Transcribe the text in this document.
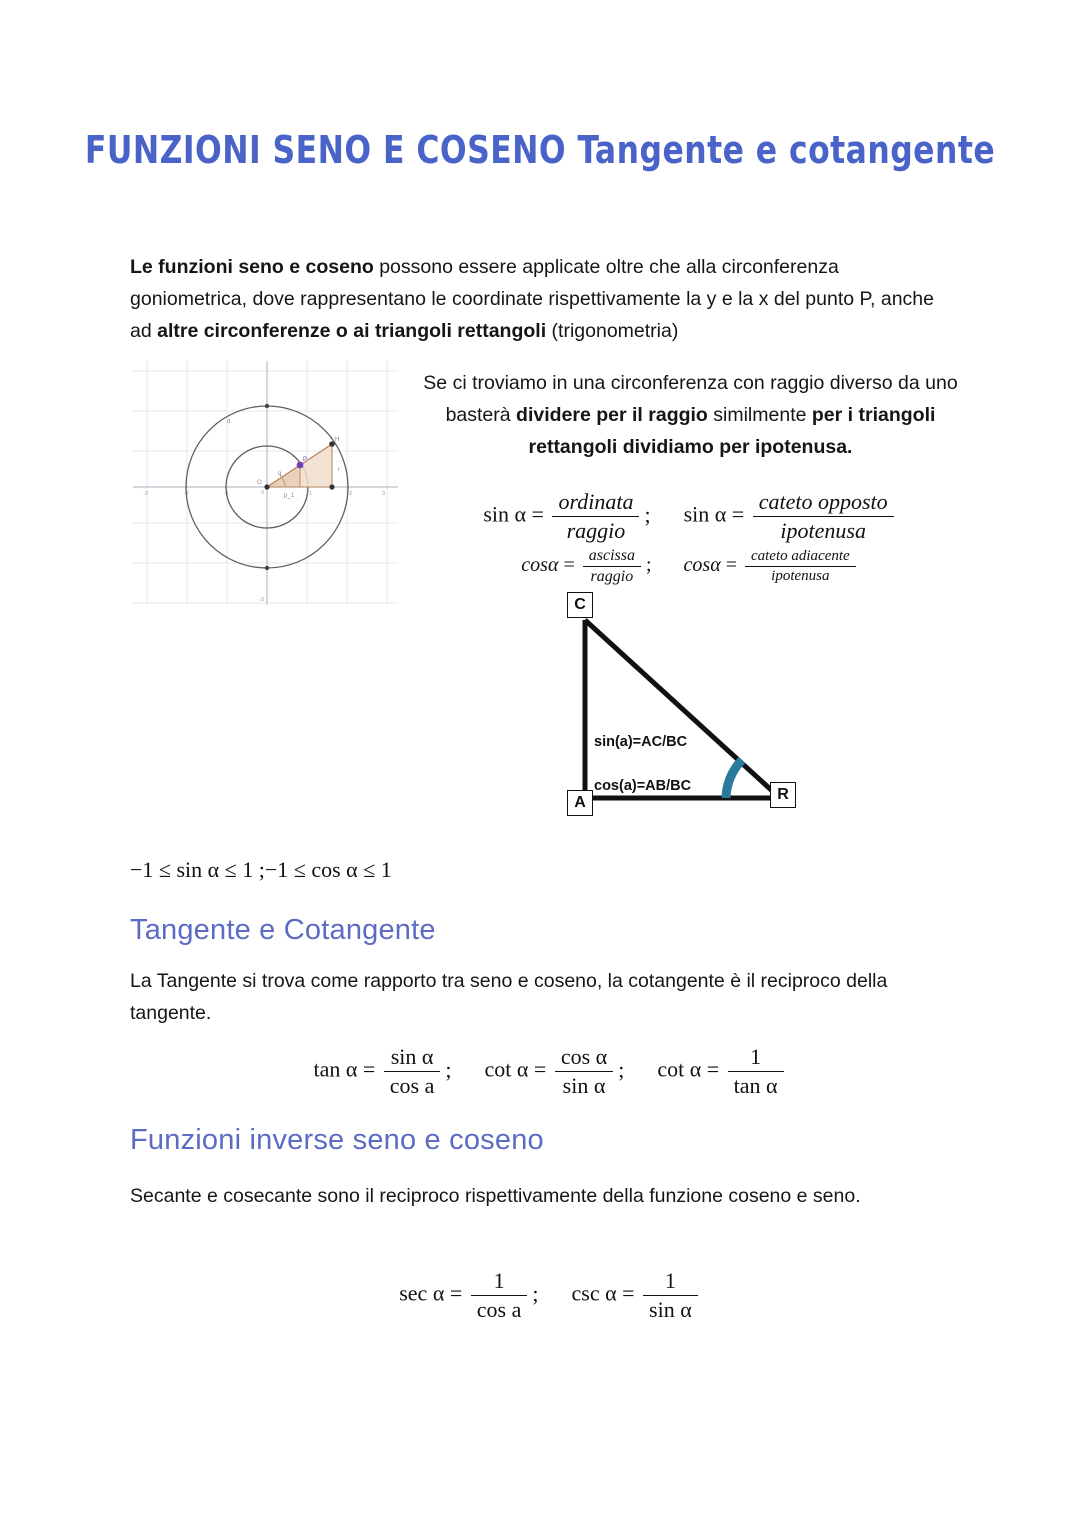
FUNZIONI SENO E COSENO Tangente e cotangente
Le funzioni seno e coseno possono essere applicate oltre che alla circonferenza goniometrica, dove rappresentano le coordinate rispettivamente la y e la x del punto P, anche ad altre circonferenze o ai triangoli rettangoli (trigonometria)
-3	-2	-1	1	2	3
-3
0
P
H
O
p_1
d
q
r
Se ci troviamo in una circonferenza con raggio diverso da uno basterà dividere per il raggio similmente per i triangoli rettangoli dividiamo per ipotenusa.
$\sin \alpha = \frac{\text{ordinata}}{\text{raggio}}$ ; $\sin \alpha = \frac{\text{cateto opposto}}{\text{ipotenusa}}$
$\cos\alpha = \frac{\text{ascissa}}{\text{raggio}}$ ; $\cos\alpha = \frac{\text{cateto adiacente}}{\text{ipotenusa}}$
C
A	R
sin(a)=AC/BC
cos(a)=AB/BC
−1 ≤ sin α ≤ 1 ;−1 ≤ cos α ≤ 1
Tangente e Cotangente
La Tangente si trova come rapporto tra seno e coseno, la cotangente è il reciproco della tangente.
$\tan \alpha = \frac{\text{sin α}}{\text{cos a}}$ ; $\cot \alpha = \frac{\text{cos α}}{\text{sin α}}$ ; $\cot \alpha = \frac{1}{\text{tan α}}$
Funzioni inverse seno e coseno
Secante e cosecante sono il reciproco rispettivamente della funzione coseno e seno.
$\sec \alpha = \frac{1}{\text{cos a}}$ ; $\csc \alpha = \frac{1}{\text{sin α}}$
